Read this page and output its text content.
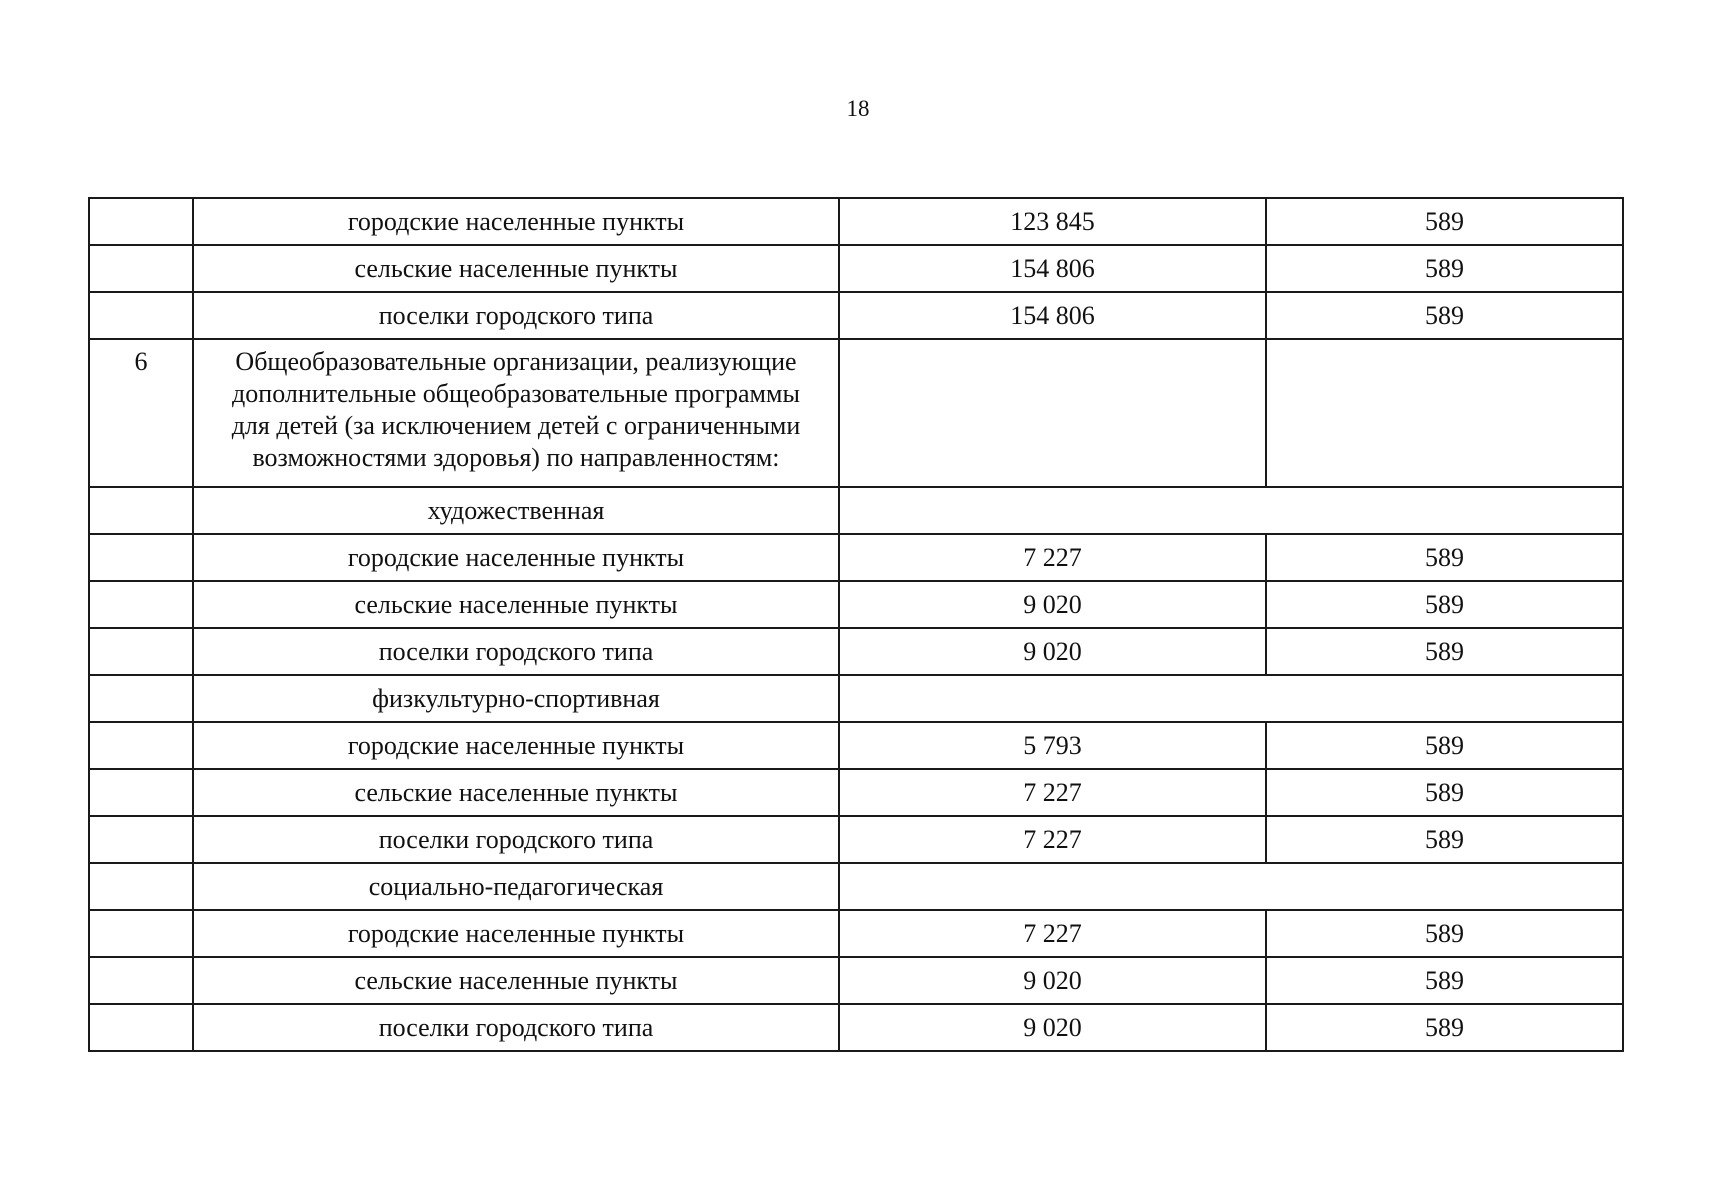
18
	городские населенные пункты	123 845	589
	сельские населенные пункты	154 806	589
	поселки городского типа	154 806	589
6	Общеобразовательные организации, реализующие
дополнительные общеобразовательные программы
для детей (за исключением детей с ограниченными
возможностями здоровья) по направленностям:		

	художественная		
	городские населенные пункты	7 227	589
	сельские населенные пункты	9 020	589
	поселки городского типа	9 020	589
	физкультурно-спортивная		
	городские населенные пункты	5 793	589
	сельские населенные пункты	7 227	589
	поселки городского типа	7 227	589
	социально-педагогическая		
	городские населенные пункты	7 227	589
	сельские населенные пункты	9 020	589
	поселки городского типа	9 020	589
